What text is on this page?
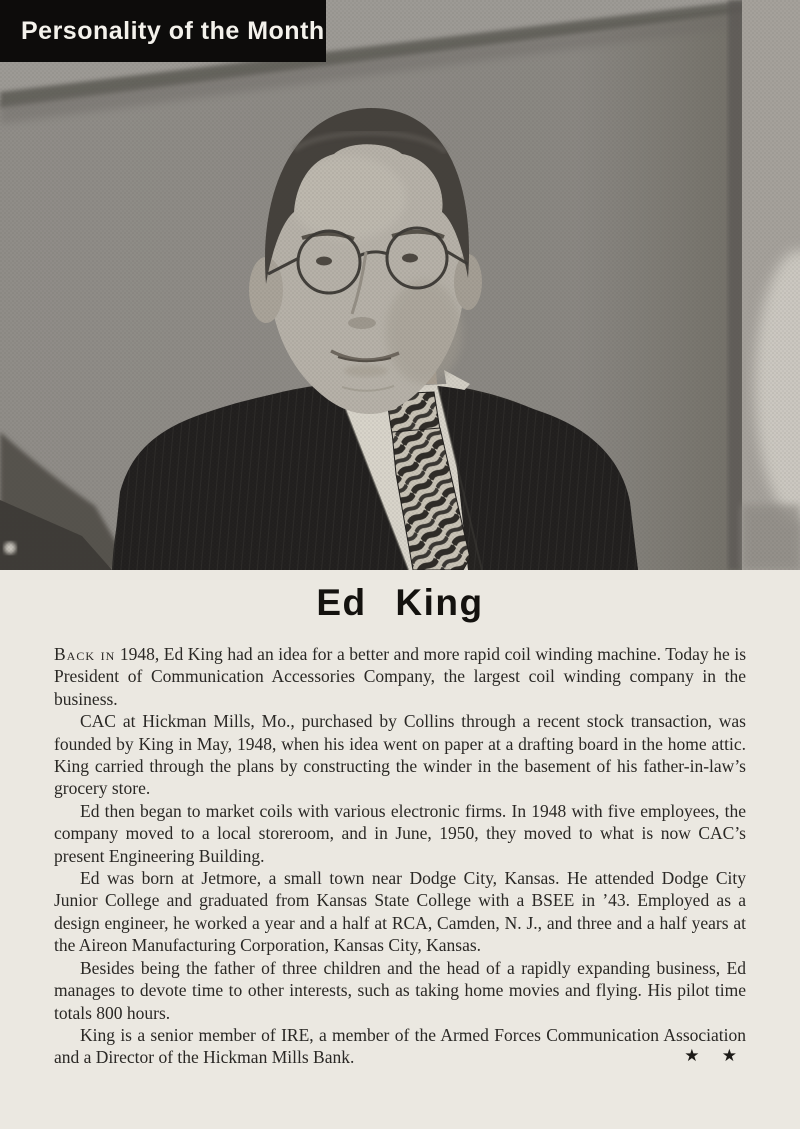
Personality of the Month
Ed King

Back in 1948, Ed King had an idea for a better and more rapid coil winding machine. Today he is President of Communication Accessories Company, the largest coil winding company in the business.

CAC at Hickman Mills, Mo., purchased by Collins through a recent stock transaction, was founded by King in May, 1948, when his idea went on paper at a drafting board in the home attic. King carried through the plans by constructing the winder in the basement of his father-in-law’s grocery store.

Ed then began to market coils with various electronic firms. In 1948 with five employees, the company moved to a local storeroom, and in June, 1950, they moved to what is now CAC’s present Engineering Building.

Ed was born at Jetmore, a small town near Dodge City, Kansas. He attended Dodge City Junior College and graduated from Kansas State College with a BSEE in ’43. Employed as a design engineer, he worked a year and a half at RCA, Camden, N. J., and three and a half years at the Aireon Manufacturing Corporation, Kansas City, Kansas.

Besides being the father of three children and the head of a rapidly expanding business, Ed manages to devote time to other interests, such as taking home movies and flying. His pilot time totals 800 hours.

King is a senior member of IRE, a member of the Armed Forces Communication Association and a Director of the Hickman Mills Bank.	★ ★
